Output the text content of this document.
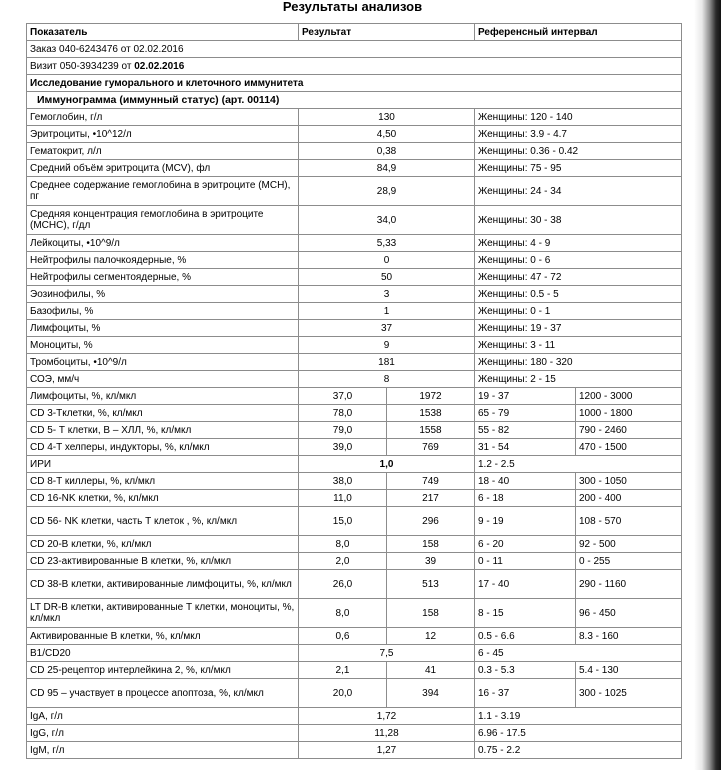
Результаты анализов
Показатель	Результат		Референсный интервал	
Заказ 040-6243476 от 02.02.2016				
Визит 050-3934239 от 02.02.2016				
Исследование гуморального и клеточного иммунитета				
Иммунограмма (иммунный статус) (арт. 00114)				
Гемоглобин, г/л	130		Женщины: 120 - 140	
Эритроциты, •10^12/л	4,50		Женщины: 3.9 - 4.7	
Гематокрит, л/л	0,38		Женщины: 0.36 - 0.42	
Средний объём эритроцита (MCV), фл	84,9		Женщины: 75 - 95	
Среднее содержание гемоглобина в эритроците (МСН), пг	28,9		Женщины: 24 - 34	
Средняя концентрация гемоглобина в эритроците (MCHC), г/дл	34,0		Женщины: 30 - 38	
Лейкоциты, •10^9/л	5,33		Женщины: 4 - 9	
Нейтрофилы палочкоядерные, %	0		Женщины: 0 - 6	
Нейтрофилы сегментоядерные, %	50		Женщины: 47 - 72	
Эозинофилы, %	3		Женщины: 0.5 - 5	
Базофилы, %	1		Женщины: 0 - 1	
Лимфоциты, %	37		Женщины: 19 - 37	
Моноциты, %	9		Женщины: 3 - 11	
Тромбоциты, •10^9/л	181		Женщины: 180 - 320	
СОЭ, мм/ч	8		Женщины: 2 - 15	
Лимфоциты, %, кл/мкл	37,0	1972	19 - 37	1200 - 3000
CD 3-Tклетки, %, кл/мкл	78,0	1538	65 - 79	1000 - 1800
CD 5- Т клетки, В – ХЛЛ, %, кл/мкл	79,0	1558	55 - 82	790 - 2460
CD 4-T хелперы, индукторы, %, кл/мкл	39,0	769	31 - 54	470 - 1500
ИРИ	1,0		1.2 - 2.5	
CD 8-T киллеры, %, кл/мкл	38,0	749	18 - 40	300 - 1050
CD 16-NK клетки, %, кл/мкл	11,0	217	6 - 18	200 - 400
CD 56- NK клетки, часть Т клеток , %, кл/мкл	15,0	296	9 - 19	108 - 570
CD 20-B клетки, %, кл/мкл	8,0	158	6 - 20	92 - 500
CD 23-активированные В клетки, %, кл/мкл	2,0	39	0 - 11	0 - 255
CD 38-B клетки, активированные лимфоциты, %, кл/мкл	26,0	513	17 - 40	290 - 1160
LT DR-В клетки, активированные Т клетки, моноциты, %, кл/мкл	8,0	158	8 - 15	96 - 450
Активированные В клетки, %, кл/мкл	0,6	12	0.5 - 6.6	8.3 - 160
B1/CD20	7,5		6 - 45	
CD 25-рецептор интерлейкина 2, %, кл/мкл	2,1	41	0.3 - 5.3	5.4 - 130
CD 95 – участвует в процессе апоптоза, %, кл/мкл	20,0	394	16 - 37	300 - 1025
IgA, г/л	1,72		1.1 - 3.19	
IgG, г/л	11,28		6.96 - 17.5	
IgM, г/л	1,27		0.75 - 2.2	
